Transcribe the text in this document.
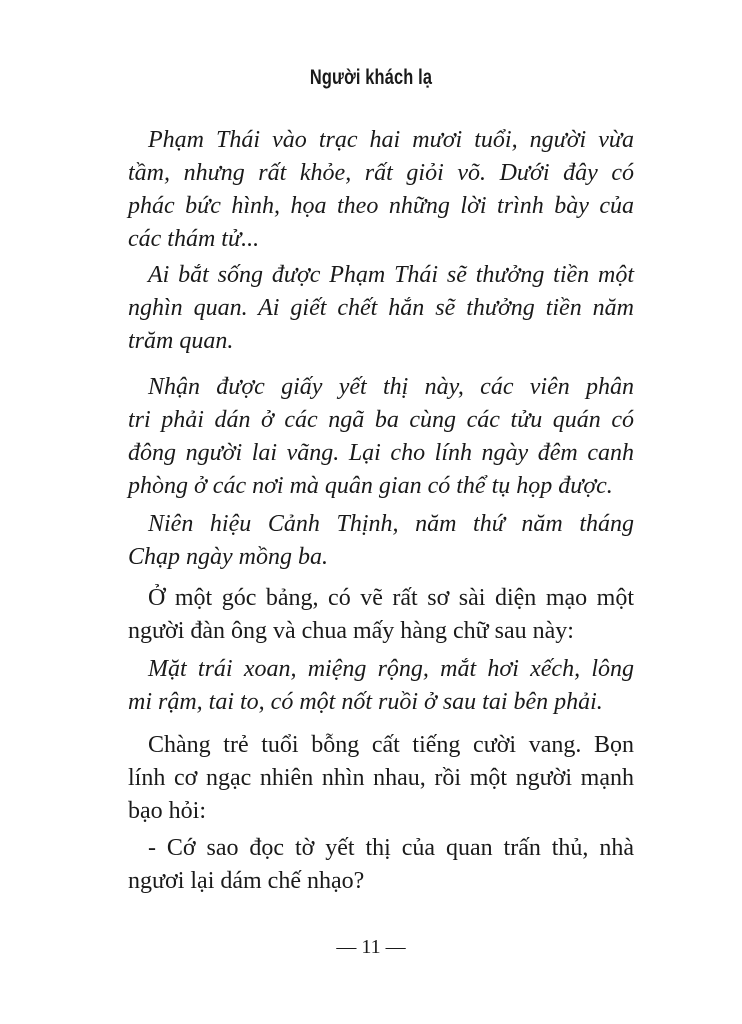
Người khách lạ
Phạm Thái vào trạc hai mươi tuổi, người vừa
tầm, nhưng rất khỏe, rất giỏi võ. Dưới đây có
phác bức hình, họa theo những lời trình bày của
các thám tử...
Ai bắt sống được Phạm Thái sẽ thưởng tiền một
nghìn quan. Ai giết chết hắn sẽ thưởng tiền năm
trăm quan.
Nhận được giấy yết thị này, các viên phân
tri phải dán ở các ngã ba cùng các tửu quán có
đông người lai vãng. Lại cho lính ngày đêm canh
phòng ở các nơi mà quân gian có thể tụ họp được.
Niên hiệu Cảnh Thịnh, năm thứ năm tháng
Chạp ngày mồng ba.
Ở một góc bảng, có vẽ rất sơ sài diện mạo một
người đàn ông và chua mấy hàng chữ sau này:
Mặt trái xoan, miệng rộng, mắt hơi xếch, lông
mi rậm, tai to, có một nốt ruồi ở sau tai bên phải.
Chàng trẻ tuổi bỗng cất tiếng cười vang. Bọn
lính cơ ngạc nhiên nhìn nhau, rồi một người mạnh
bạo hỏi:
- Cớ sao đọc tờ yết thị của quan trấn thủ, nhà
ngươi lại dám chế nhạo?
— 11 —
